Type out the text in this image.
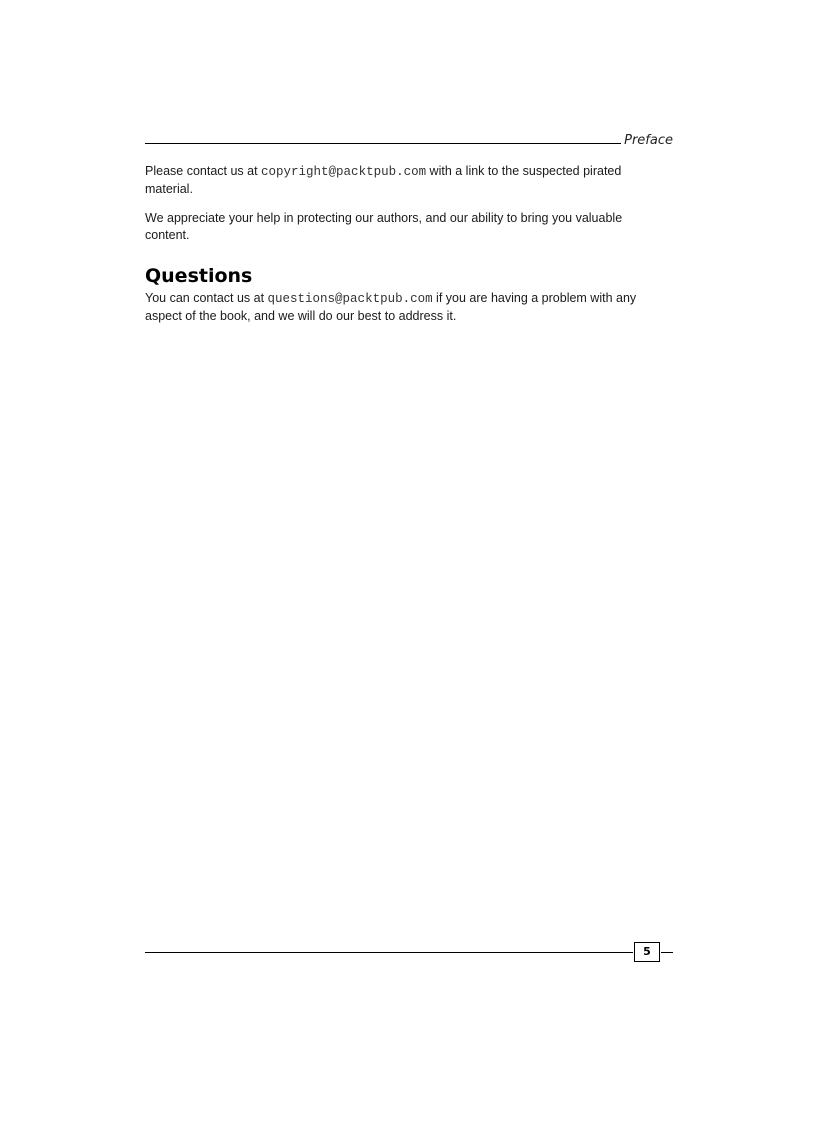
Preface

Please contact us at copyright@packtpub.com with a link to the suspected pirated material.

We appreciate your help in protecting our authors, and our ability to bring you valuable content.

Questions

You can contact us at questions@packtpub.com if you are having a problem with any aspect of the book, and we will do our best to address it.

5
